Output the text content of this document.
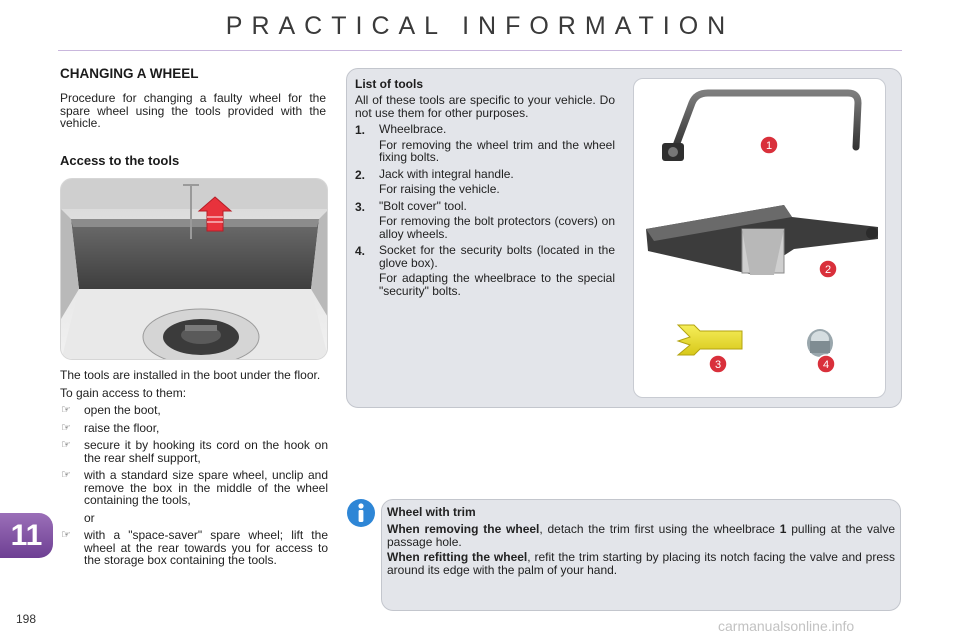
PRACTICAL INFORMATION
CHANGING A WHEEL

Procedure for changing a faulty wheel for the spare wheel using the tools provided with the vehicle.

Access to the tools

The tools are installed in the boot under the floor.

To gain access to them:

☞ open the boot,
☞ raise the floor,
☞ secure it by hooking its cord on the hook on the rear shelf support,
☞ with a standard size spare wheel, unclip and remove the box in the middle of the wheel containing the tools,
or
☞ with a "space-saver" spare wheel; lift the wheel at the rear towards you for access to the storage box containing the tools.
List of tools

All of these tools are specific to your vehicle. Do not use them for other purposes.

1. Wheelbrace.
For removing the wheel trim and the wheel fixing bolts.
2. Jack with integral handle.
For raising the vehicle.
3. "Bolt cover" tool.
For removing the bolt protectors (covers) on alloy wheels.
4. Socket for the security bolts (located in the glove box).
For adapting the wheelbrace to the special "security" bolts.
1
2
3	4
Wheel with trim

When removing the wheel, detach the trim first using the wheelbrace 1 pulling at the valve passage hole.

When refitting the wheel, refit the trim starting by placing its notch facing the valve and press around its edge with the palm of your hand.

11
198	carmanualsonline.info
